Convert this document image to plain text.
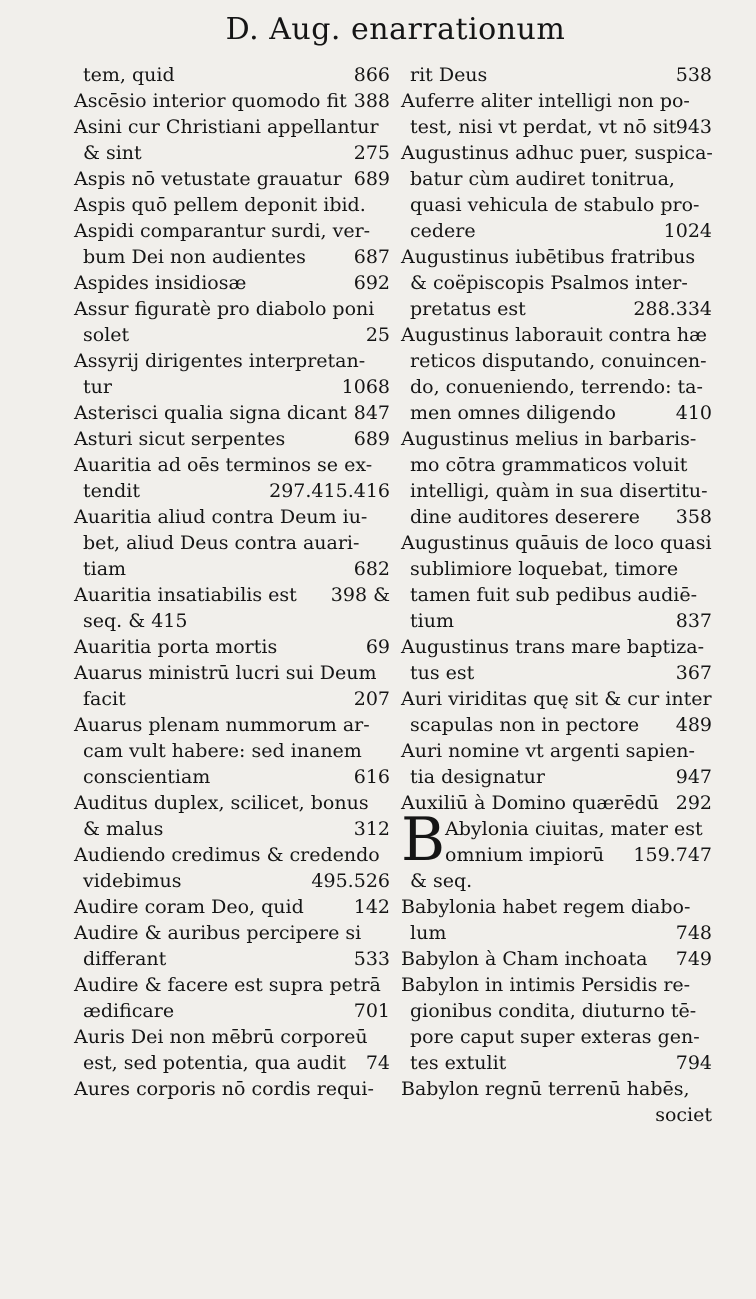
D. Aug. enarrationum
tem, quid	866
Ascēsio interior quomodo fit 388
Asini cur Christiani appellantur
& sint	275
Aspis nō vetustate grauatur 689
Aspis quō pellem deponit ibid.
Aspidi comparantur surdi, ver-
bum Dei non audientes	687
Aspides insidiosæ	692
Assur figuratè pro diabolo poni
solet	25
Assyrij dirigentes interpretan-
tur	1068
Asterisci qualia signa dicant 847
Asturi sicut serpentes	689
Auaritia ad oēs terminos se ex-
tendit	297.415.416
Auaritia aliud contra Deum iu-
bet, aliud Deus contra auari-
tiam	682
Auaritia insatiabilis est 398 &
seq. & 415
Auaritia porta mortis	69
Auarus ministrū lucri sui Deum
facit	207
Auarus plenam nummorum ar-
cam vult habere: sed inanem
conscientiam	616
Auditus duplex, scilicet, bonus
& malus	312
Audiendo credimus & credendo
videbimus	495.526
Audire coram Deo, quid	142
Audire & auribus percipere si
differant	533
Audire & facere est supra petrā
ædificare	701
Auris Dei non mēbrū corporeū
est, sed potentia, qua audit 74
Aures corporis nō cordis requi-
rit Deus	538
Auferre aliter intelligi non po-
test, nisi vt perdat, vt nō sit 943
Augustinus adhuc puer, suspica-
batur cùm audiret tonitrua,
quasi vehicula de stabulo pro-
cedere	1024
Augustinus iubētibus fratribus
& coëpiscopis Psalmos inter-
pretatus est	288.334
Augustinus laborauit contra hæ
reticos disputando, conuincen-
do, conueniendo, terrendo: ta-
men omnes diligendo	410
Augustinus melius in barbaris-
mo cōtra grammaticos voluit
intelligi, quàm in sua disertitu-
dine auditores deserere 358
Augustinus quāuis de loco quasi
sublimiore loquebat, timore
tamen fuit sub pedibus audiē-
tium	837
Augustinus trans mare baptiza-
tus est	367
Auri viriditas quę sit & cur inter
scapulas non in pectore 489
Auri nomine vt argenti sapien-
tia designatur	947
Auxiliū à Domino quærēdū 292
B Abylonia ciuitas, mater est
omnium impiorū 159.747
& seq.
Babylonia habet regem diabo-
lum	748
Babylon à Cham inchoata 749
Babylon in intimis Persidis re-
gionibus condita, diuturno tē-
pore caput super exteras gen-
tes extulit	794
Babylon regnū terrenū habēs,
societ
